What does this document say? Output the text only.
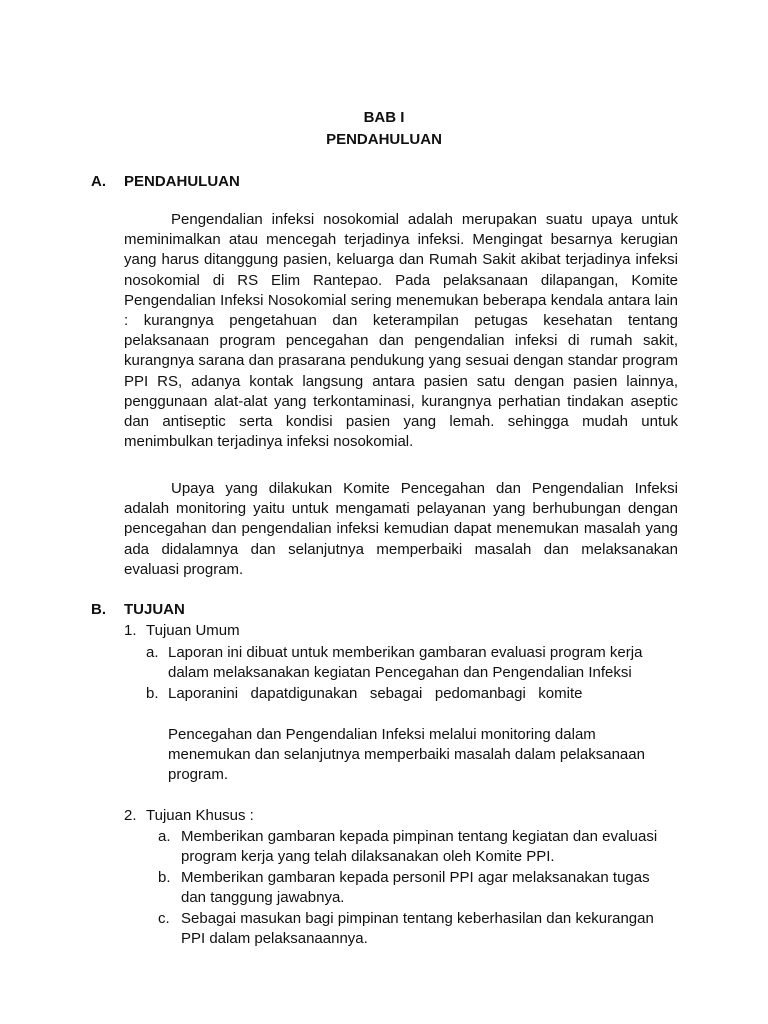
BAB I
PENDAHULUAN
A. PENDAHULUAN
Pengendalian infeksi nosokomial adalah merupakan suatu upaya untuk meminimalkan atau mencegah terjadinya infeksi. Mengingat besarnya kerugian yang harus ditanggung pasien, keluarga dan Rumah Sakit akibat terjadinya infeksi nosokomial di RS Elim Rantepao. Pada pelaksanaan dilapangan, Komite Pengendalian Infeksi Nosokomial sering menemukan beberapa kendala antara lain : kurangnya pengetahuan dan keterampilan petugas kesehatan tentang pelaksanaan program pencegahan dan pengendalian infeksi di rumah sakit, kurangnya sarana dan prasarana pendukung yang sesuai dengan standar program PPI RS, adanya kontak langsung antara pasien satu dengan pasien lainnya, penggunaan alat-alat yang terkontaminasi, kurangnya perhatian tindakan aseptic dan antiseptic serta kondisi pasien yang lemah. sehingga mudah untuk menimbulkan terjadinya infeksi nosokomial.
Upaya yang dilakukan Komite Pencegahan dan Pengendalian Infeksi adalah monitoring yaitu untuk mengamati pelayanan yang berhubungan dengan pencegahan dan pengendalian infeksi kemudian dapat menemukan masalah yang ada didalamnya dan selanjutnya memperbaiki masalah dan melaksanakan evaluasi program.
B. TUJUAN
1. Tujuan Umum
a. Laporan ini dibuat untuk memberikan gambaran evaluasi program kerja
dalam melaksanakan kegiatan Pencegahan dan Pengendalian Infeksi
b. Laporanini   dapatdigunakan   sebagai   pedomanbagi   komite
Pencegahan dan Pengendalian Infeksi melalui monitoring dalam
menemukan dan selanjutnya memperbaiki masalah dalam pelaksanaan
program.
2. Tujuan Khusus :
a. Memberikan gambaran kepada pimpinan tentang kegiatan dan evaluasi
program kerja yang telah dilaksanakan oleh Komite PPI.
b. Memberikan gambaran kepada personil PPI agar melaksanakan tugas
dan tanggung jawabnya.
c. Sebagai masukan bagi pimpinan tentang keberhasilan dan kekurangan
PPI dalam pelaksanaannya.
